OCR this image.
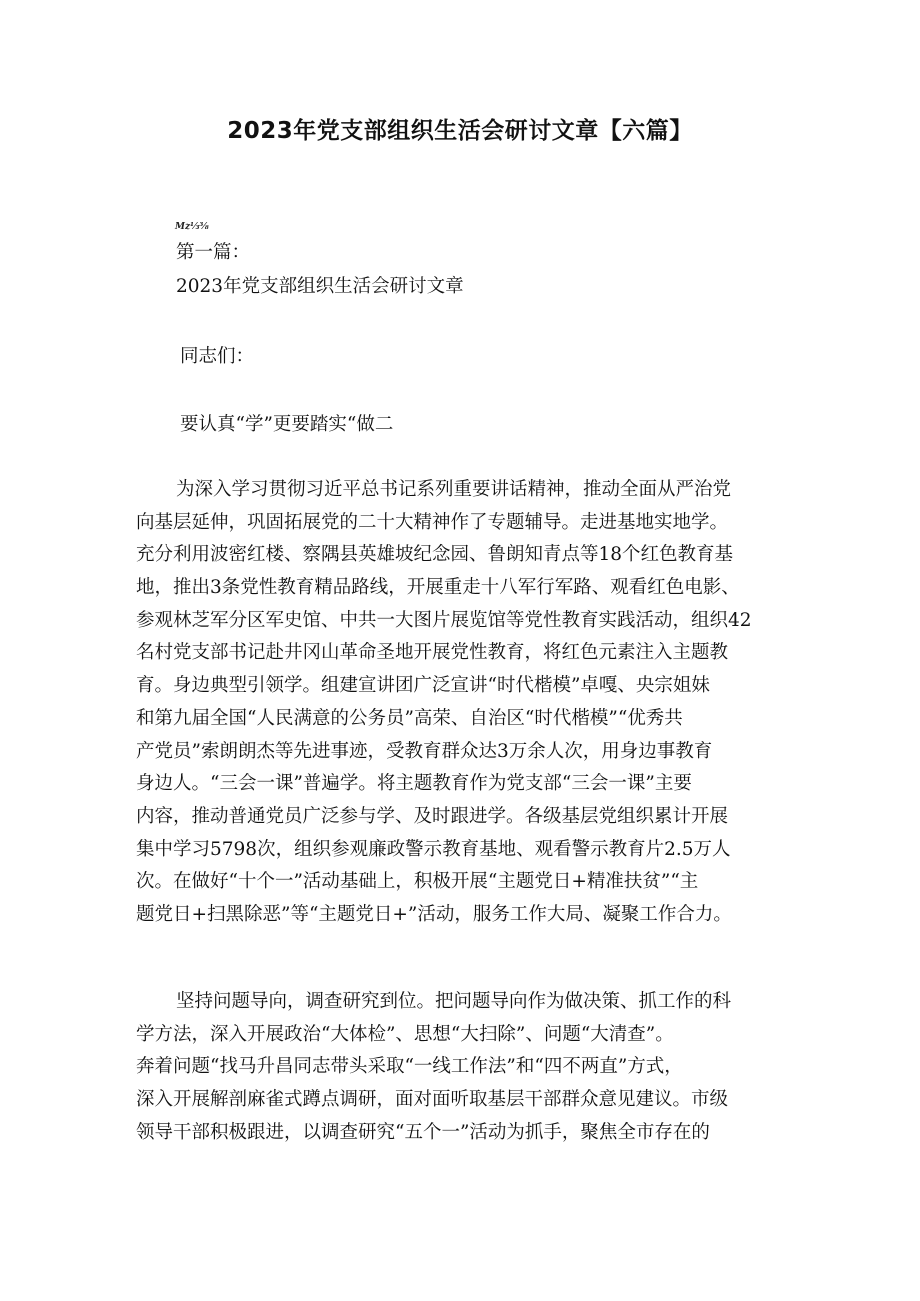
2023年党支部组织生活会研讨文章【六篇】
Mz⅓⅜
第一篇：
2023年党支部组织生活会研讨文章
同志们：
要认真“学”更要踏实“做二
为深入学习贯彻习近平总书记系列重要讲话精神，推动全面从严治党
向基层延伸，巩固拓展党的二十大精神作了专题辅导。走进基地实地学。
充分利用波密红楼、察隅县英雄坡纪念园、鲁朗知青点等18个红色教育基
地，推出3条党性教育精品路线，开展重走十八军行军路、观看红色电影、
参观林芝军分区军史馆、中共一大图片展览馆等党性教育实践活动，组织42
名村党支部书记赴井冈山革命圣地开展党性教育，将红色元素注入主题教
育。身边典型引领学。组建宣讲团广泛宣讲“时代楷模”卓嘎、央宗姐妹
和第九届全国“人民满意的公务员”高荣、自治区“时代楷模”“优秀共
产党员”索朗朗杰等先进事迹，受教育群众达3万余人次，用身边事教育
身边人。“三会一课”普遍学。将主题教育作为党支部“三会一课”主要
内容，推动普通党员广泛参与学、及时跟进学。各级基层党组织累计开展
集中学习5798次，组织参观廉政警示教育基地、观看警示教育片2.5万人
次。在做好“十个一”活动基础上，积极开展“主题党日+精准扶贫”“主
题党日+扫黑除恶”等“主题党日+”活动，服务工作大局、凝聚工作合力。
坚持问题导向，调查研究到位。把问题导向作为做决策、抓工作的科
学方法，深入开展政治“大体检”、思想“大扫除”、问题“大清查”。
奔着问题“找马升昌同志带头采取“一线工作法”和“四不两直”方式，
深入开展解剖麻雀式蹲点调研，面对面听取基层干部群众意见建议。市级
领导干部积极跟进，以调查研究“五个一”活动为抓手，聚焦全市存在的
